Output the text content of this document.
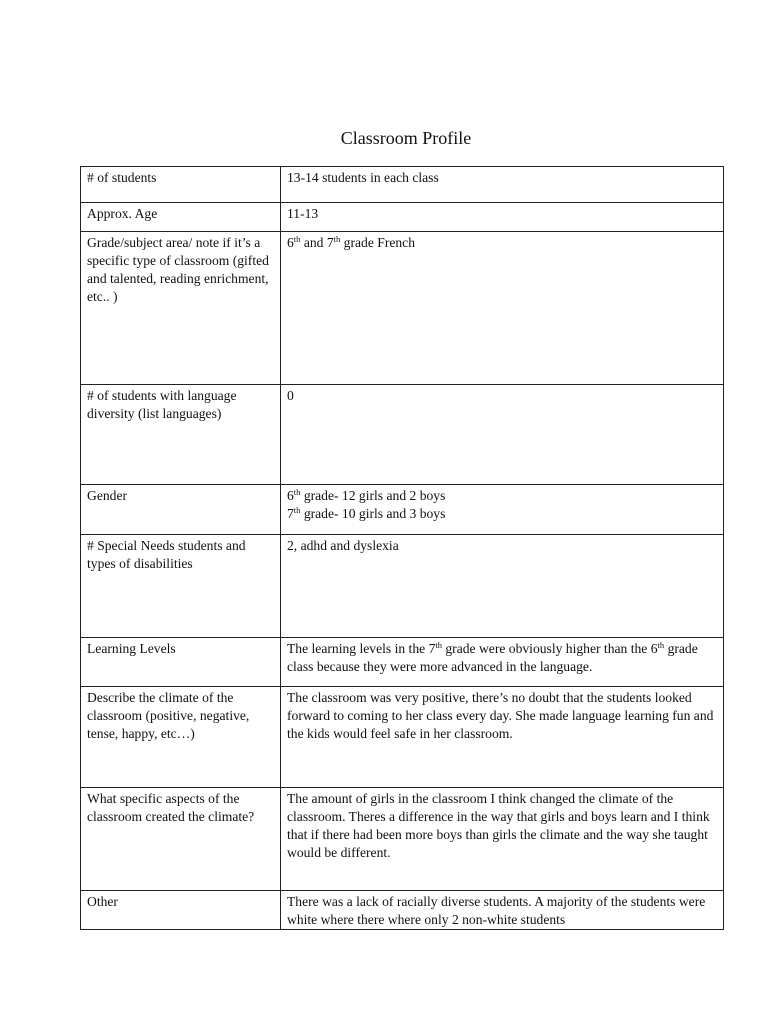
Classroom Profile
# of students	13-14 students in each class
Approx. Age	11-13
Grade/subject area/ note if it’s a specific type of classroom (gifted and talented, reading enrichment, etc.. )	6th and 7th grade French
# of students with language diversity (list languages)	0
Gender	6th grade- 12 girls and 2 boys
7th grade- 10 girls and 3 boys

# Special Needs students and types of disabilities	2, adhd and dyslexia
Learning Levels	The learning levels in the 7th grade were obviously higher than the 6th grade class because they were more advanced in the language.
Describe the climate of the classroom (positive, negative, tense, happy, etc…)	The classroom was very positive, there’s no doubt that the students looked forward to coming to her class every day. She made language learning fun and the kids would feel safe in her classroom.
What specific aspects of the classroom created the climate?	The amount of girls in the classroom I think changed the climate of the classroom. Theres a difference in the way that girls and boys learn and I think that if there had been more boys than girls the climate and the way she taught would be different.
Other	There was a lack of racially diverse students. A majority of the students were white where there where only 2 non-white students
